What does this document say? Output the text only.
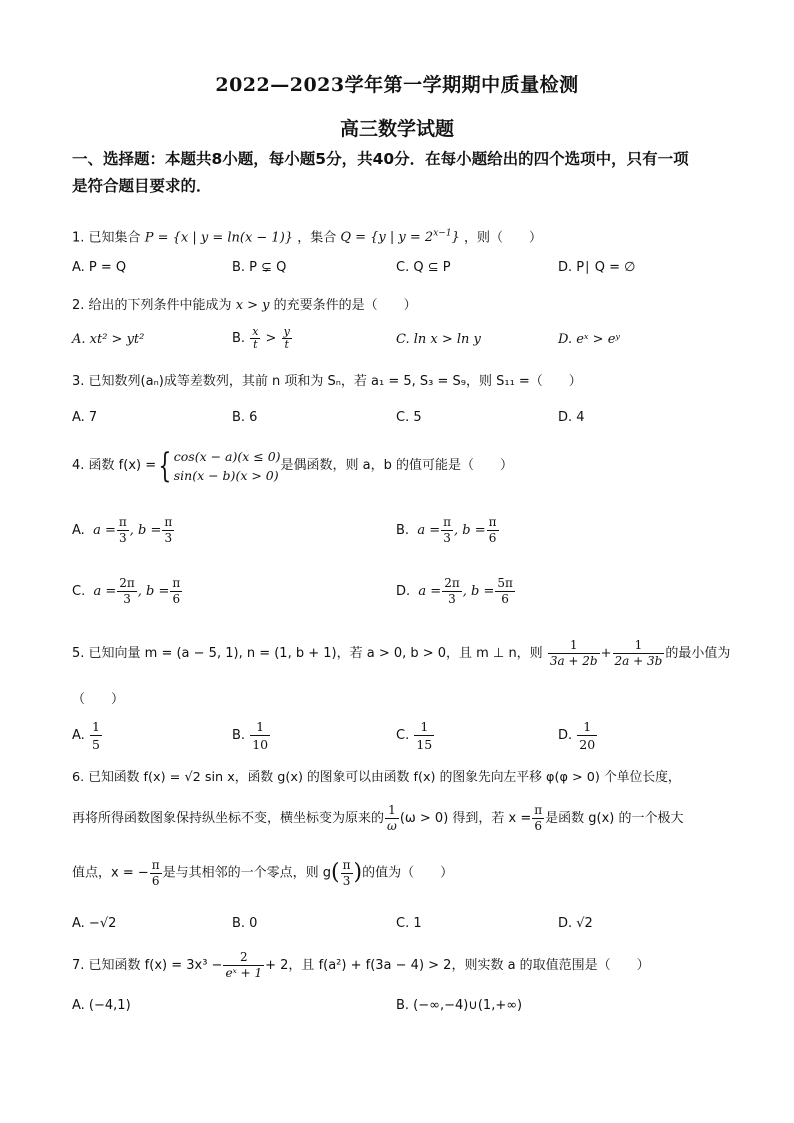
2022—2023学年第一学期期中质量检测
高三数学试题
一、选择题：本题共8小题，每小题5分，共40分．在每小题给出的四个选项中，只有一项
是符合题目要求的．
1. 已知集合 P = {x | y = ln(x − 1)} ，集合 Q = {y | $y = 2^{x-1}$} ，则（　　）
A. P = Q	B. P ⊊ Q	C. Q ⊆ P	D. P∣ Q = ∅
2. 给出的下列条件中能成为 x > y 的充要条件的是（　　）
A. xt² > yt²	B. $\frac{x}{t} > \frac{y}{t}$	C. ln x > ln y	D. eˣ > eʸ
3. 已知数列(aₙ)成等差数列，其前 n 项和为 Sₙ，若 a₁ = 5, S₃ = S₉，则 S₁₁ =（　　）
A. 7	B. 6	C. 5	D. 4
4. 函数 f(x) ={ cos(x − a)(x ≤ 0)
sin(x − b)(x > 0)
是偶函数，则 a，b 的值可能是（　　）
A. $a = \frac{\pi}{3}$ , $b = \frac{\pi}{3}$	B. $a = \frac{\pi}{3}$ , $b = \frac{\pi}{6}$
C. $a = \frac{2\pi}{3}$ , $b = \frac{\pi}{6}$	D. $a = \frac{2\pi}{3}$ , $b = \frac{5\pi}{6}$
5. 已知向量 m = (a − 5, 1), n = (1, b + 1)，若 a > 0, b > 0，且 m ⊥ n，则 $\frac{1}{3a + 2b} + \frac{1}{2a + 3b}$ 的最小值为
（　　）
A. $\frac{1}{5}$	B. $\frac{1}{10}$	C. $\frac{1}{15}$	D. $\frac{1}{20}$
6. 已知函数 f(x) = √2 sin x，函数 g(x) 的图象可以由函数 f(x) 的图象先向左平移 φ(φ > 0) 个单位长度，
再将所得函数图象保持纵坐标不变，横坐标变为原来的 $\frac{1}{\omega} (\omega > 0)$ 得到，若 $x = \frac{\pi}{6}$ 是函数 g(x) 的一个极大
值点，x = − $\frac{\pi}{6}$ 是与其相邻的一个零点，则 $g( \frac{\pi}{3}$ )的值为（　　）
A. −√2	B. 0	C. 1	D. √2
7. 已知函数 $f(x) = 3x^3 - \frac{2}{\text{eˣ + 1}} + 2$，且 f(a²) + f(3a − 4) > 2，则实数 a 的取值范围是（　　）
A. (−4,1)	B. (−∞,−4)∪(1,+∞)
